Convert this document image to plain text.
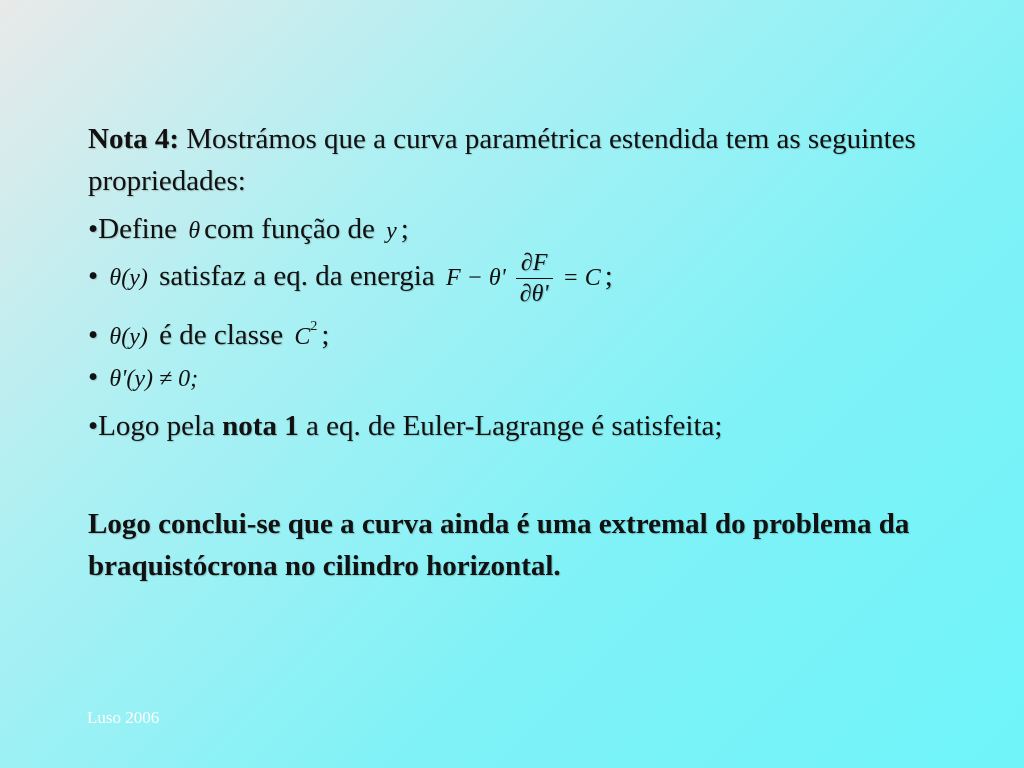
Nota 4: Mostrámos que a curva paramétrica estendida tem as seguintes propriedades:
•Define θ com função de y ;
• θ(y) satisfaz a eq. da energia $F - \theta' \frac{\partial F}{\partial\theta'} = C$ ;
• θ(y) é de classe $C^2$ ;
• θ'(y) ≠ 0;
•Logo pela nota 1 a eq. de Euler-Lagrange é satisfeita;
Logo conclui-se que a curva ainda é uma extremal do problema da braquistócrona no cilindro horizontal.
Luso 2006
